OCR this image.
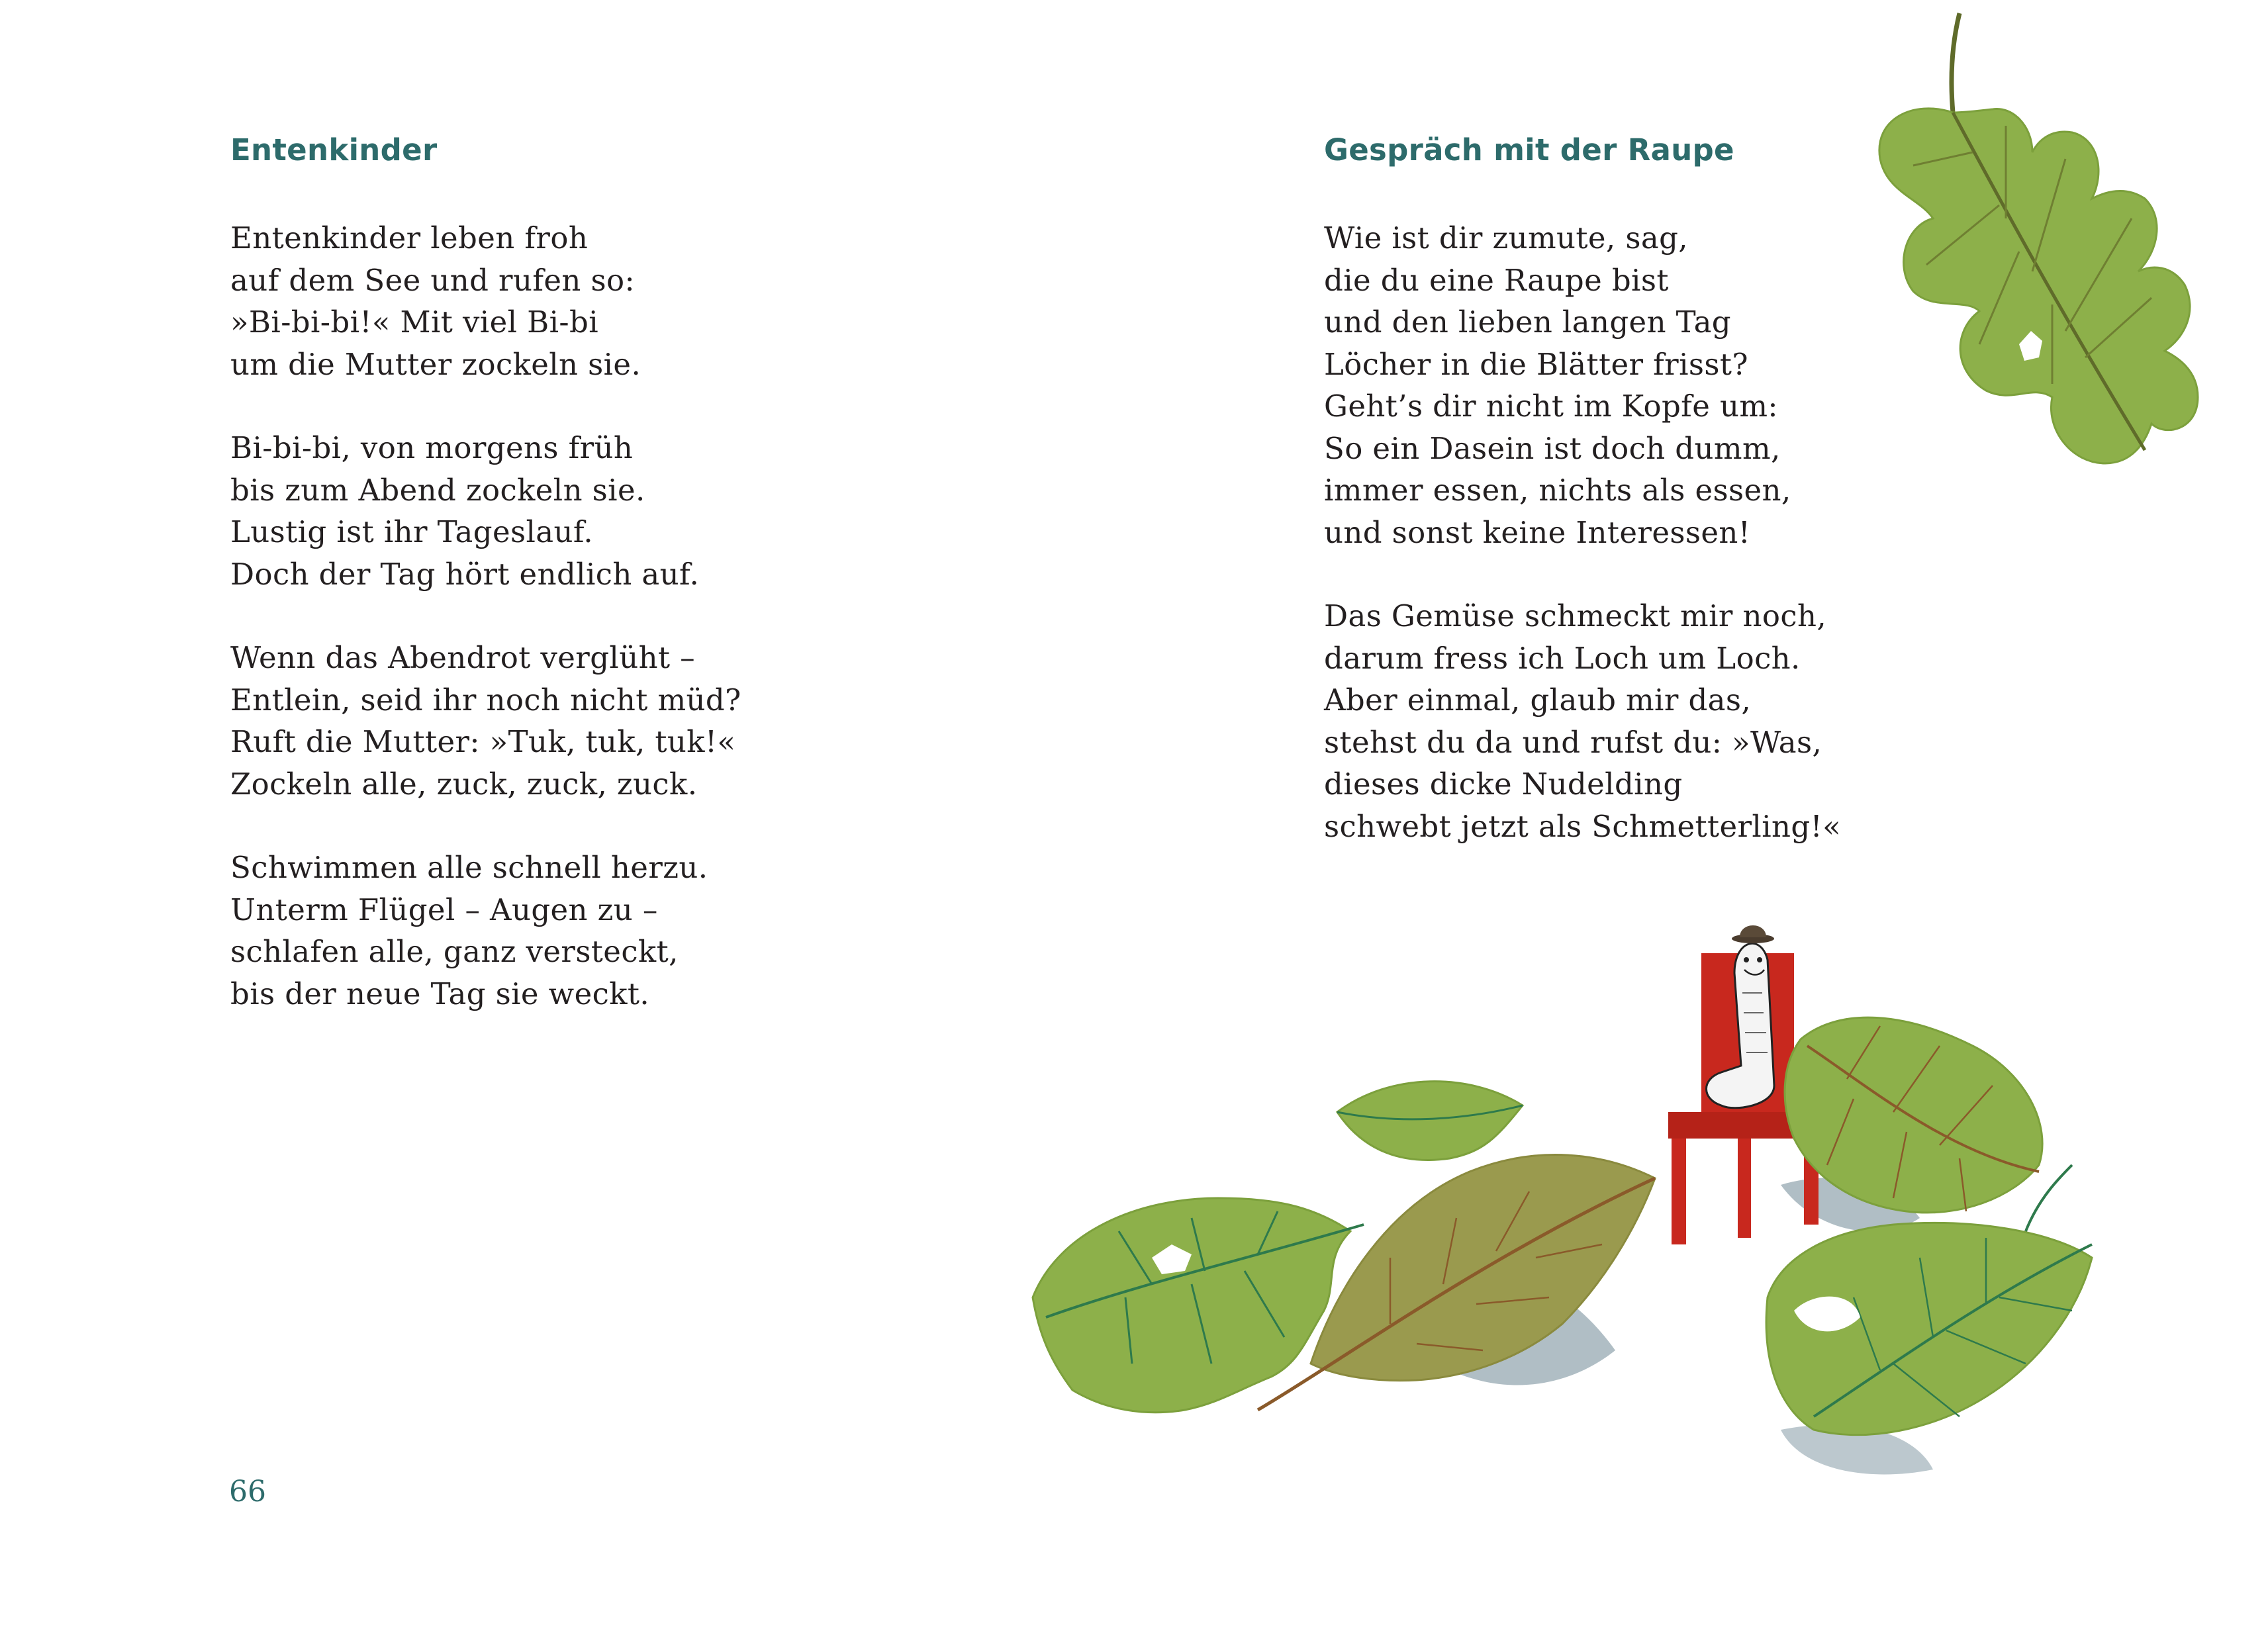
Entenkinder
Entenkinder leben froh
auf dem See und rufen so:
»Bi-bi-bi!« Mit viel Bi-bi
um die Mutter zockeln sie.
Bi-bi-bi, von morgens früh
bis zum Abend zockeln sie.
Lustig ist ihr Tageslauf.
Doch der Tag hört endlich auf.
Wenn das Abendrot verglüht –
Entlein, seid ihr noch nicht müd?
Ruft die Mutter: »Tuk, tuk, tuk!«
Zockeln alle, zuck, zuck, zuck.
Schwimmen alle schnell herzu.
Unterm Flügel – Augen zu –
schlafen alle, ganz versteckt,
bis der neue Tag sie weckt.
66
Gespräch mit der Raupe
Wie ist dir zumute, sag,
die du eine Raupe bist
und den lieben langen Tag
Löcher in die Blätter frisst?
Geht’s dir nicht im Kopfe um:
So ein Dasein ist doch dumm,
immer essen, nichts als essen,
und sonst keine Interessen!
Das Gemüse schmeckt mir noch,
darum fress ich Loch um Loch.
Aber einmal, glaub mir das,
stehst du da und rufst du: »Was,
dieses dicke Nudelding
schwebt jetzt als Schmetterling!«
